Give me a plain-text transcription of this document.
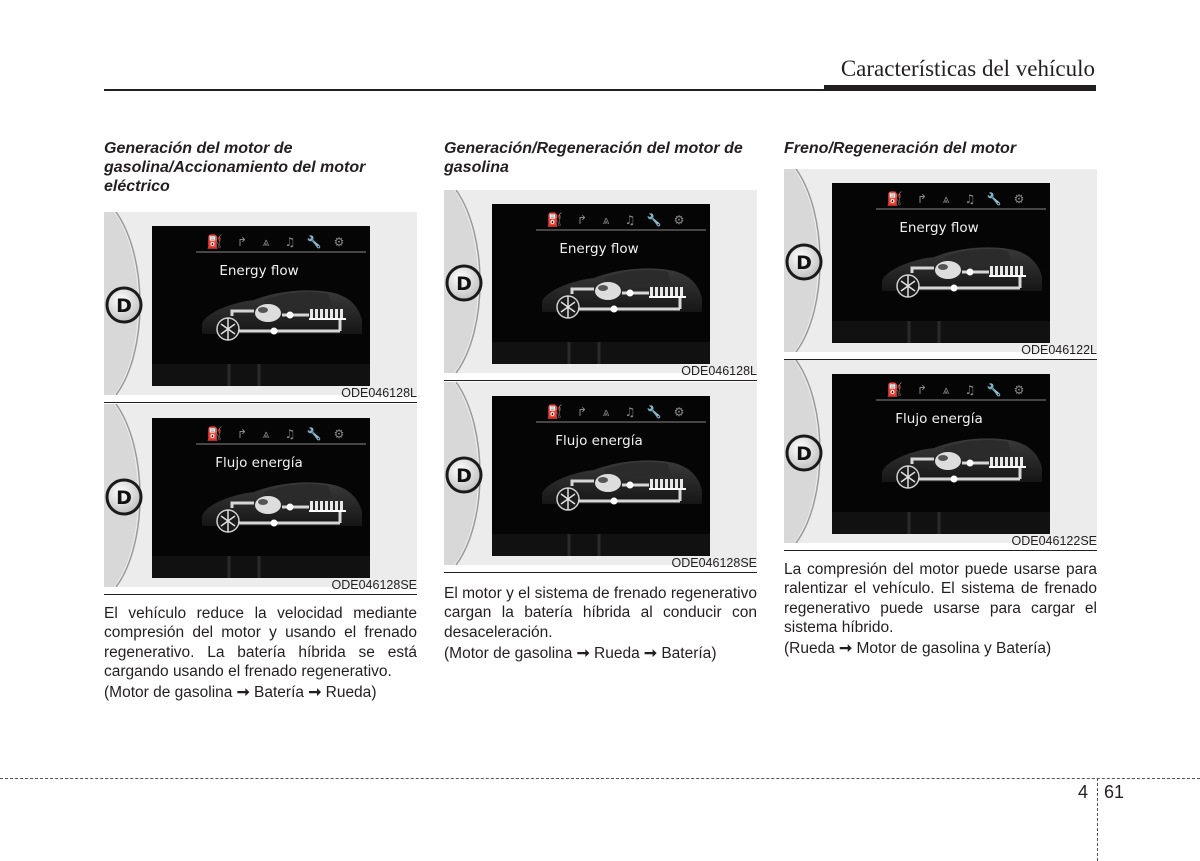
Características del vehículo
Generación del motor de gasolina/Accionamiento del motor eléctrico
Generación/Regeneración del motor de gasolina
Freno/Regeneración del motor
⛽ ↱ ⩓ ♫ 🔧 ⚙
Energy flow
D
ODE046128L
⛽ ↱ ⩓ ♫ 🔧 ⚙
Flujo energía
D
ODE046128SE
⛽ ↱ ⩓ ♫ 🔧 ⚙
Energy flow
D
ODE046128L
⛽ ↱ ⩓ ♫ 🔧 ⚙
Flujo energía
D
ODE046128SE
⛽ ↱ ⩓ ♫ 🔧 ⚙
Energy flow
D
ODE046122L
⛽ ↱ ⩓ ♫ 🔧 ⚙
Flujo energía
D
ODE046122SE

El vehículo reduce la velocidad mediante compresión del motor y usando el frenado regenerativo. La batería híbrida se está cargando usando el frenado regenerativo.

(Motor de gasolina ➞ Batería ➞ Rueda)

El motor y el sistema de frenado regenerativo cargan la batería híbrida al conducir con desaceleración.

(Motor de gasolina ➞ Rueda ➞ Batería)

La compresión del motor puede usarse para ralentizar el vehículo. El sistema de frenado regenerativo puede usarse para cargar el sistema híbrido.

(Rueda ➞ Motor de gasolina y Batería)

4 61
